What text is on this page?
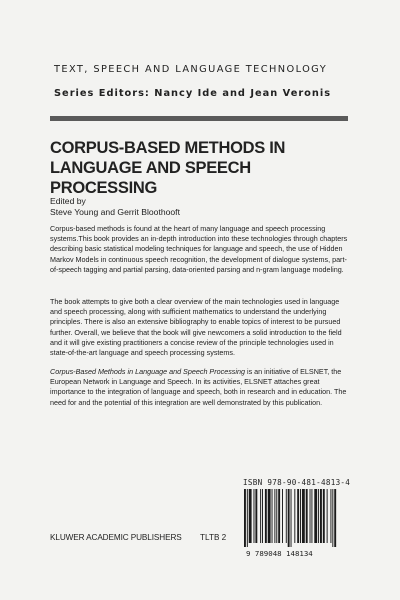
TEXT, SPEECH AND LANGUAGE TECHNOLOGY
Series Editors: Nancy Ide and Jean Veronis
CORPUS-BASED METHODS IN LANGUAGE AND SPEECH PROCESSING
Edited by
Steve Young and Gerrit Bloothooft
Corpus-based methods is found at the heart of many language and speech processing systems.This book provides an in-depth introduction into these technologies through chapters describing basic statistical modeling techniques for language and speech, the use of Hidden Markov Models in continuous speech recognition, the development of dialogue systems, part-of-speech tagging and partial parsing, data-oriented parsing and n-gram language modeling.
The book attempts to give both a clear overview of the main technologies used in language and speech processing, along with sufficient mathematics to understand the underlying principles. There is also an extensive bibliography to enable topics of interest to be pursued further. Overall, we believe that the book will give newcomers a solid introduction to the field and it will give existing practitioners a concise review of the principle technologies used in state-of-the-art language and speech processing systems.
Corpus-Based Methods in Language and Speech Processing is an initiative of ELSNET, the European Network in Language and Speech. In its activities, ELSNET attaches great importance to the integration of language and speech, both in research and in education. The need for and the potential of this integration are well demonstrated by this publication.
ISBN 978-90-481-4813-4
9 789048 148134
KLUWER ACADEMIC PUBLISHERS TLTB 2
